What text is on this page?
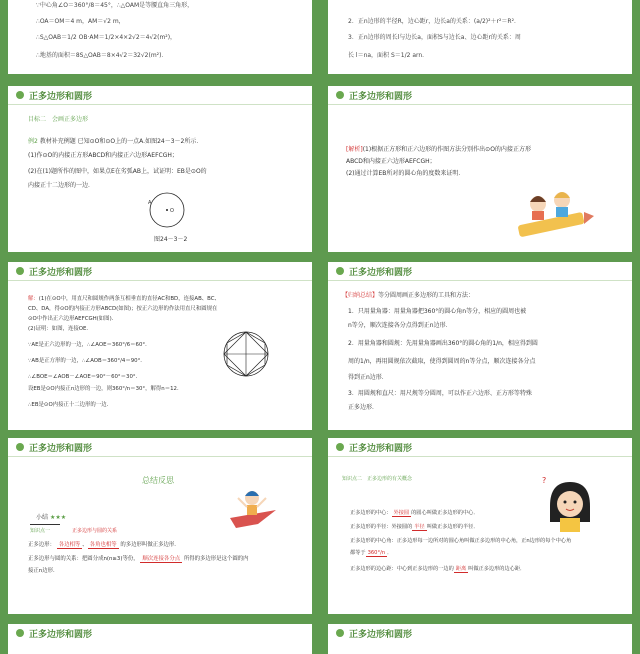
∵中心角∠O＝360°/8＝45°，∴△OAM是等腰直角三角形，
∴OA＝OM＝4 m，AM＝√2 m，
∴S△OAB＝1/2 OB·AM＝1/2×4×2√2＝4√2(m²)，
∴地基的面积＝8S△OAB＝8×4√2＝32√2(m²)．
2．正n边形的半径R，边心距r，边长a的关系：(a/2)²＋r²＝R²．
3．正n边形的周长l与边长a，面积S与边长a、边心距r的关系：周
长 l＝na，面积 S＝1/2 arn．
正多边形和圆形
目标二　会画正多边形
例2 教材补充例题 已知⊙O和⊙O上的一点A.如图24－3－2所示．
(1)作⊙O的内接正方形ABCD和内接正六边形AEFCGH；
(2)在(1)题所作的图中，如果点E在劣弧AB上，试证明：EB是⊙O的
内接正十二边形的一边．
A
O
图24－3－2
正多边形和圆形
[解析](1)根据正方形和正六边形的作图方法分别作出⊙O的内接正方形
ABCD和内接正六边形AEFCGH；
(2)通过计算EB所对的圆心角的度数来证明．
正多边形和圆形
解：(1)在⊙O中，用直尺和圆规作两条互相垂直的直径AC和BD，连接AB、BC、
CD、DA，得⊙O的内接正方形ABCD(如图)；按正六边形的作法用直尺和圆规在
⊙O中作出正六边形AEFCGH(如图)．
(2)证明：如图，连接OE．
∵AE是正六边形的一边，∴∠AOE＝360°/6＝60°．
∵AB是正方形的一边，∴∠AOB＝360°/4＝90°．
∴∠BOE＝∠AOB－∠AOE＝90°－60°＝30°．
设EB是⊙O内接正n边形的一边，则360°/n＝30°，解得n＝12．
∴EB是⊙O内接正十二边形的一边．
正多边形和圆形
【归纳总结】等分圆周画正多边形的工具和方法：
1．只用量角器：用量角器把360°的圆心角n等分，相应的圆周也被
n等分，顺次连接各分点得到正n边形．
2．用量角器和圆规：先用量角器画出360°的圆心角的1/n，相应得到圆
周的1/n，再用圆规依次截取，使得到圆周的n等分点，顺次连接各分点
得到正n边形．
3．用圆规和直尺：用尺规等分圆周，可以作正六边形、正方形等特殊
正多边形．
正多边形和圆形
总结反思
小结 ★★★
知识点一	正多边形与圆的关系
正多边形： 各边相等 、 各角也相等 的多边形叫做正多边形．
正多边形与圆的关系：把圆分成n(n≥3)等份， 顺次连接各分点 所得的多边形是这个圆的内
接正n边形．
正多边形和圆形
知识点二　正多边形的有关概念	?
正多边形的中心： 外接圆 的圆心叫做正多边形的中心．
正多边形的半径：外接圆的 半径 叫做正多边形的半径．
正多边形的中心角：正多边形每一边所对的圆心角叫做正多边形的中心角，正n边形的每个中心角
都等于 360°/n ．
正多边形的边心距：中心到正多边形的一边的 距离 叫做正多边形的边心距．
正多边形和圆形	正多边形和圆形
